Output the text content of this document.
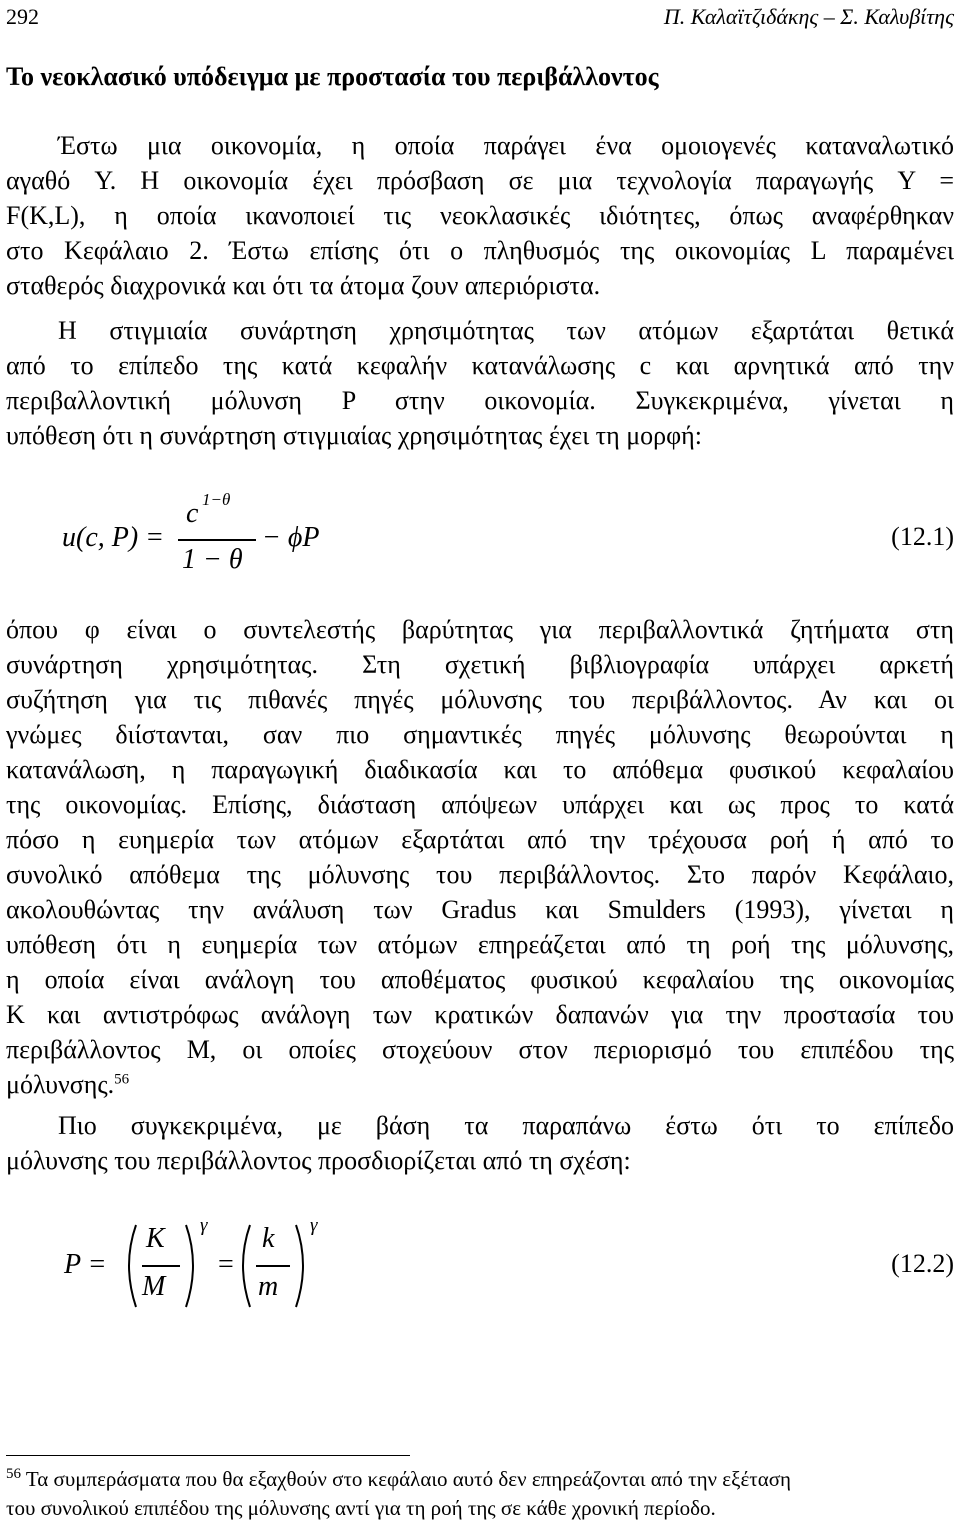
292	Π. Καλαϊτζιδάκης – Σ. Καλυβίτης
Το νεοκλασικό υπόδειγμα με προστασία του περιβάλλοντος
Έστω μια οικονομία, η οποία παράγει ένα ομοιογενές καταναλωτικό
αγαθό Y. Η οικονομία έχει πρόσβαση σε μια τεχνολογία παραγωγής Y =
F(K,L), η οποία ικανοποιεί τις νεοκλασικές ιδιότητες, όπως αναφέρθηκαν
στο Κεφάλαιο 2. Έστω επίσης ότι ο πληθυσμός της οικονομίας L παραμένει
σταθερός διαχρονικά και ότι τα άτομα ζουν απεριόριστα.
Η στιγμιαία συνάρτηση χρησιμότητας των ατόμων εξαρτάται θετικά
από το επίπεδο της κατά κεφαλήν κατανάλωσης c και αρνητικά από την
περιβαλλοντική μόλυνση P στην οικονομία. Συγκεκριμένα, γίνεται η
υπόθεση ότι η συνάρτηση στιγμιαίας χρησιμότητας έχει τη μορφή:
u(c, P) =
c 1−θ
1 − θ
− ϕP	(12.1)
όπου φ είναι ο συντελεστής βαρύτητας για περιβαλλοντικά ζητήματα στη
συνάρτηση χρησιμότητας. Στη σχετική βιβλιογραφία υπάρχει αρκετή
συζήτηση για τις πιθανές πηγές μόλυνσης του περιβάλλοντος. Αν και οι
γνώμες διίστανται, σαν πιο σημαντικές πηγές μόλυνσης θεωρούνται η
κατανάλωση, η παραγωγική διαδικασία και το απόθεμα φυσικού κεφαλαίου
της οικονομίας. Επίσης, διάσταση απόψεων υπάρχει και ως προς το κατά
πόσο η ευημερία των ατόμων εξαρτάται από την τρέχουσα ροή ή από το
συνολικό απόθεμα της μόλυνσης του περιβάλλοντος. Στο παρόν Κεφάλαιο,
ακολουθώντας την ανάλυση των Gradus και Smulders (1993), γίνεται η
υπόθεση ότι η ευημερία των ατόμων επηρεάζεται από τη ροή της μόλυνσης,
η οποία είναι ανάλογη του αποθέματος φυσικού κεφαλαίου της οικονομίας
K και αντιστρόφως ανάλογη των κρατικών δαπανών για την προστασία του
περιβάλλοντος M, οι οποίες στοχεύουν στον περιορισμό του επιπέδου της
μόλυνσης.$^{56}$
Πιο συγκεκριμένα, με βάση τα παραπάνω έστω ότι το επίπεδο
μόλυνσης του περιβάλλοντος προσδιορίζεται από τη σχέση:
P =
K
M
γ
=
k
m
γ
(12.2)
$^{56}$ Τα συμπεράσματα που θα εξαχθούν στο κεφάλαιο αυτό δεν επηρεάζονται από την εξέταση
του συνολικού επιπέδου της μόλυνσης αντί για τη ροή της σε κάθε χρονική περίοδο.
